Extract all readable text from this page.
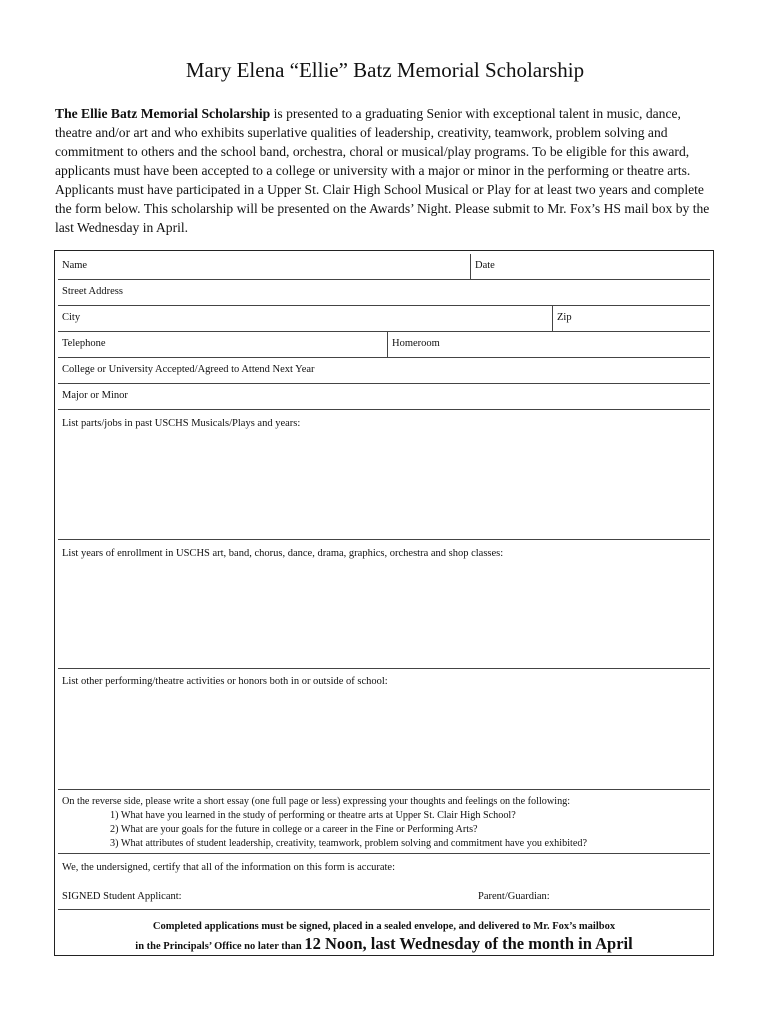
Mary Elena “Ellie” Batz Memorial Scholarship
The Ellie Batz Memorial Scholarship is presented to a graduating Senior with exceptional talent in music, dance, theatre and/or art and who exhibits superlative qualities of leadership, creativity, teamwork, problem solving and commitment to others and the school band, orchestra, choral or musical/play programs. To be eligible for this award, applicants must have been accepted to a college or university with a major or minor in the performing or theatre arts. Applicants must have participated in a Upper St. Clair High School Musical or Play for at least two years and complete the form below. This scholarship will be presented on the Awards’ Night. Please submit to Mr. Fox’s HS mail box by the last Wednesday in April.
Name	Date
Street Address
City	Zip
Telephone	Homeroom
College or University Accepted/Agreed to Attend Next Year
Major or Minor
List parts/jobs in past USCHS Musicals/Plays and years:
List years of enrollment in USCHS art, band, chorus, dance, drama, graphics, orchestra and shop classes:
List other performing/theatre activities or honors both in or outside of school:
On the reverse side, please write a short essay (one full page or less) expressing your thoughts and feelings on the following:
1) What have you learned in the study of performing or theatre arts at Upper St. Clair High School?
2) What are your goals for the future in college or a career in the Fine or Performing Arts?
3) What attributes of student leadership, creativity, teamwork, problem solving and commitment have you exhibited?
We, the undersigned, certify that all of the information on this form is accurate:
SIGNED Student Applicant:	Parent/Guardian:
Completed applications must be signed, placed in a sealed envelope, and delivered to Mr. Fox’s mailbox
in the Principals’ Office no later than 12 Noon, last Wednesday of the month in April
